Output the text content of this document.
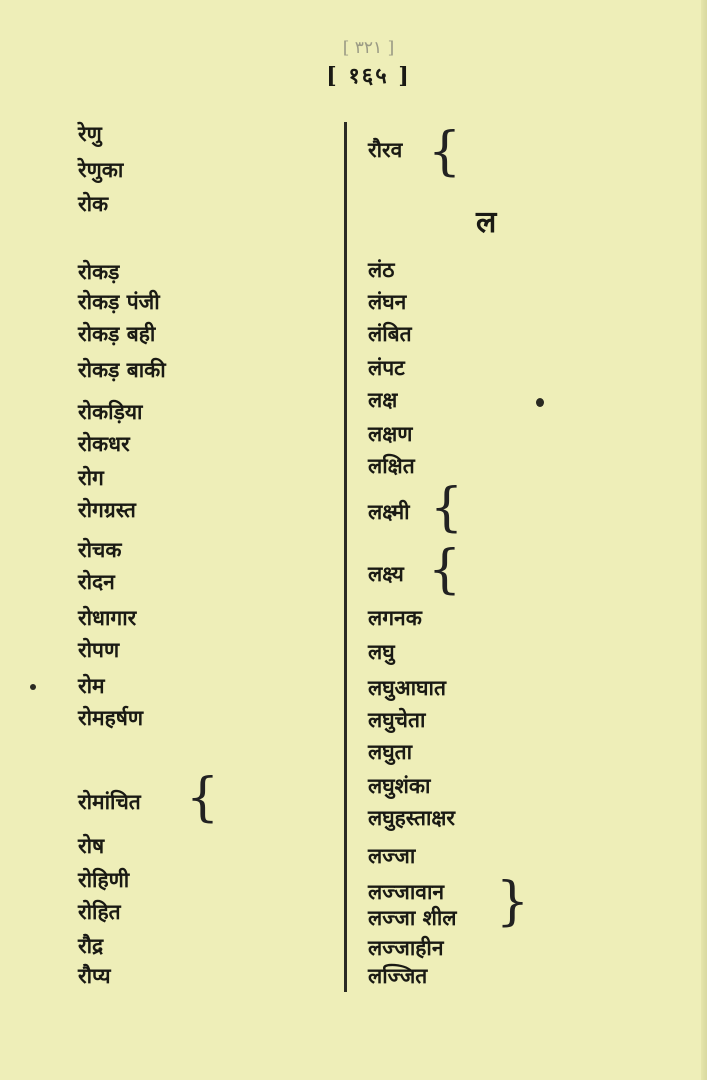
[ ٣٢١ ]
[ १६५ ]
रेणु
रेणुका
रोक
रोकड़
रोकड़ पंजी
रोकड़ बही
रोकड़ बाकी
रोकड़िया
रोकधर
रोग
रोगग्रस्त
रोचक
रोदन
रोधागार
रोपण
रोम
रोमहर्षण
रोमांचित {
रोष
रोहिणी
रोहित
रौद्र
रौप्य
रौरव {
ल
लंठ
लंघन
लंबित
लंपट
लक्ष
लक्षण
लक्षित
लक्ष्मी {
लक्ष्य {
लगनक
लघु
लघुआघात
लघुचेता
लघुता
लघुशंका
लघुहस्ताक्षर
लज्जा
लज्जावान }
लज्जा शील
लज्जाहीन
लज्जित
